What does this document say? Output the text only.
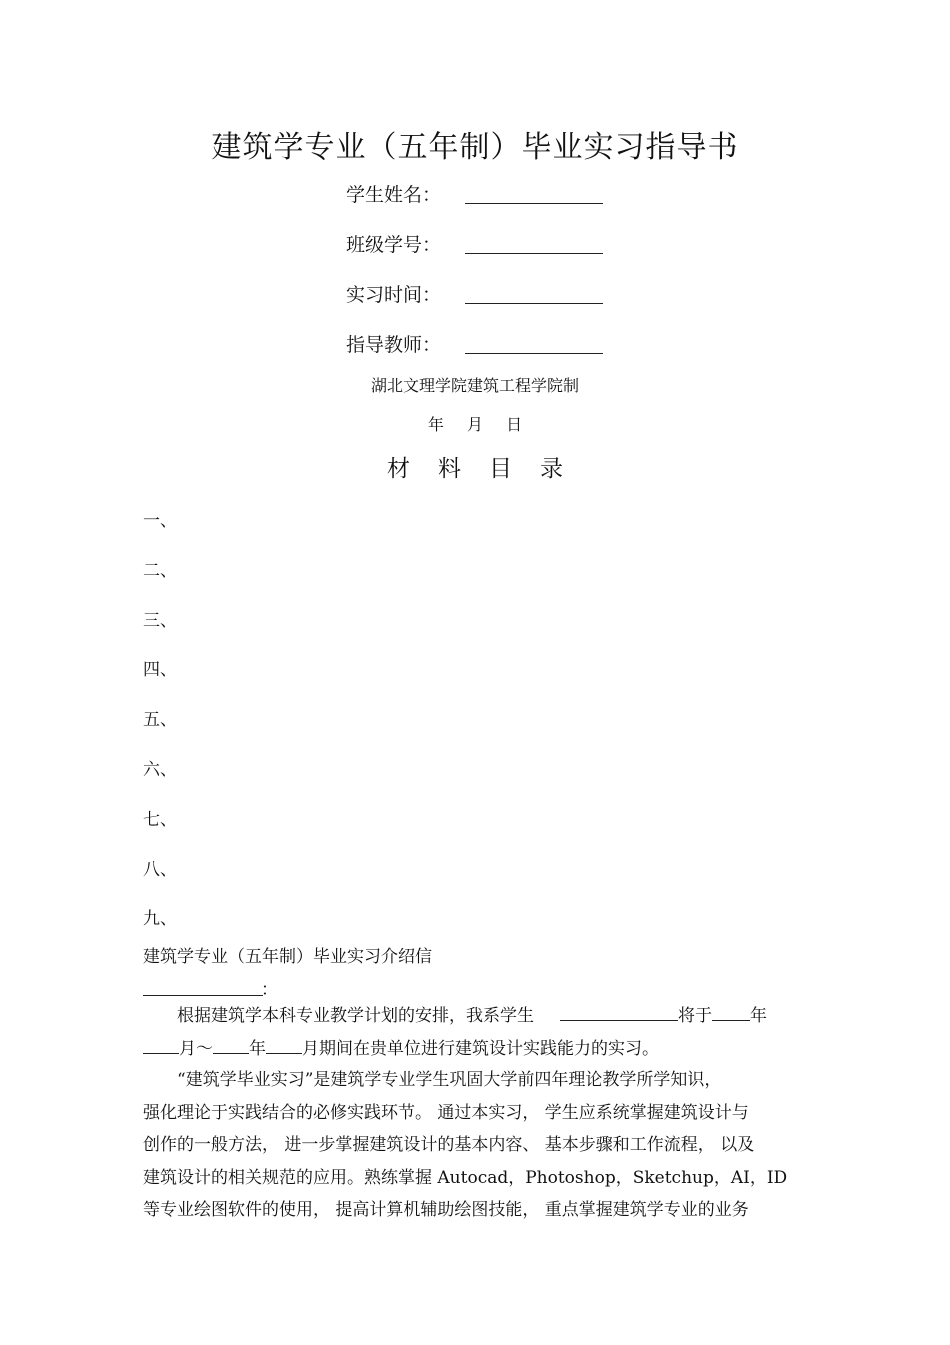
建筑学专业（五年制）毕业实习指导书
学生姓名：
班级学号：
实习时间：
指导教师：
湖北文理学院建筑工程学院制
年 月 日
材料目录
一、
二、
三、
四、
五、
六、
七、
八、
九、
建筑学专业（五年制）毕业实习介绍信
：
根据建筑学本科专业教学计划的安排，我系学生	将于 年
月～ 年 月期间在贵单位进行建筑设计实践能力的实习。
“建筑学毕业实习”是建筑学专业学生巩固大学前四年理论教学所学知识，
强化理论于实践结合的必修实践环节。 通过本实习， 学生应系统掌握建筑设计与
创作的一般方法， 进一步掌握建筑设计的基本内容、 基本步骤和工作流程， 以及
建筑设计的相关规范的应用。熟练掌握 Autocad，Photoshop，Sketchup，AI，ID
等专业绘图软件的使用， 提高计算机辅助绘图技能， 重点掌握建筑学专业的业务
